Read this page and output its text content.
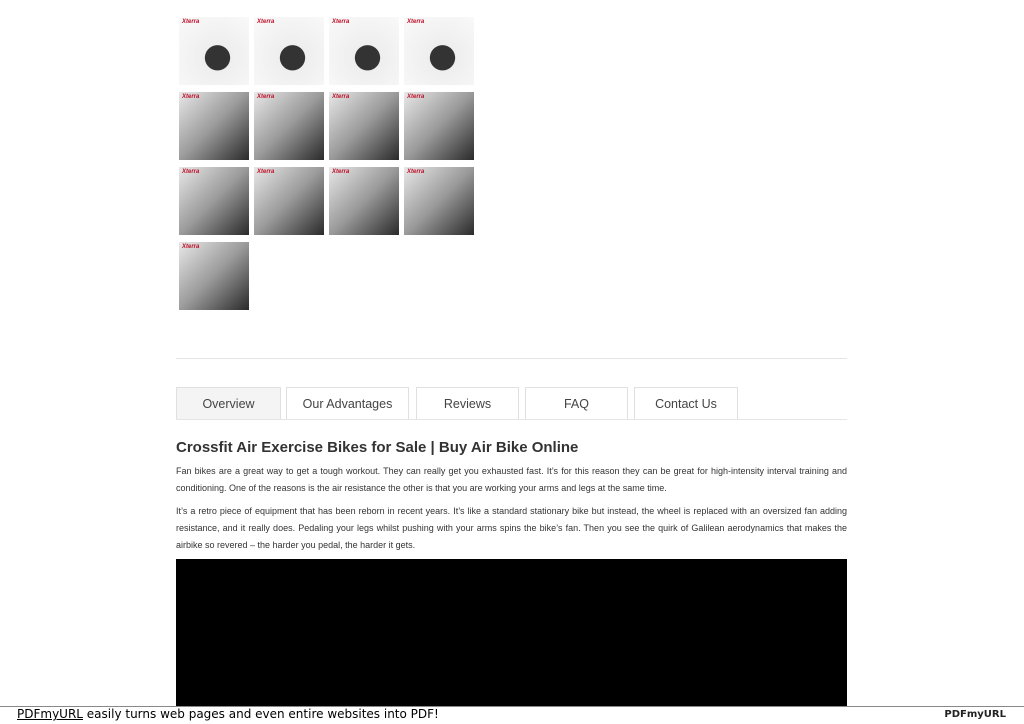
Xterra	Xterra	Xterra	Xterra
Xterra	Xterra	Xterra	Xterra
Xterra	Xterra	Xterra	Xterra
Xterra
Overview	Our Advantages	Reviews	FAQ	Contact Us
Crossfit Air Exercise Bikes for Sale | Buy Air Bike Online

Fan bikes are a great way to get a tough workout. They can really get you exhausted fast. It’s for this reason they can be great for high-intensity interval training and conditioning. One of the reasons is the air resistance the other is that you are working your arms and legs at the same time.

It’s a retro piece of equipment that has been reborn in recent years. It’s like a standard stationary bike but instead, the wheel is replaced with an oversized fan adding resistance, and it really does. Pedaling your legs whilst pushing with your arms spins the bike’s fan. Then you see the quirk of Galilean aerodynamics that makes the airbike so revered – the harder you pedal, the harder it gets.

PDFmyURL easily turns web pages and even entire websites into PDF!	PDFmyURL
